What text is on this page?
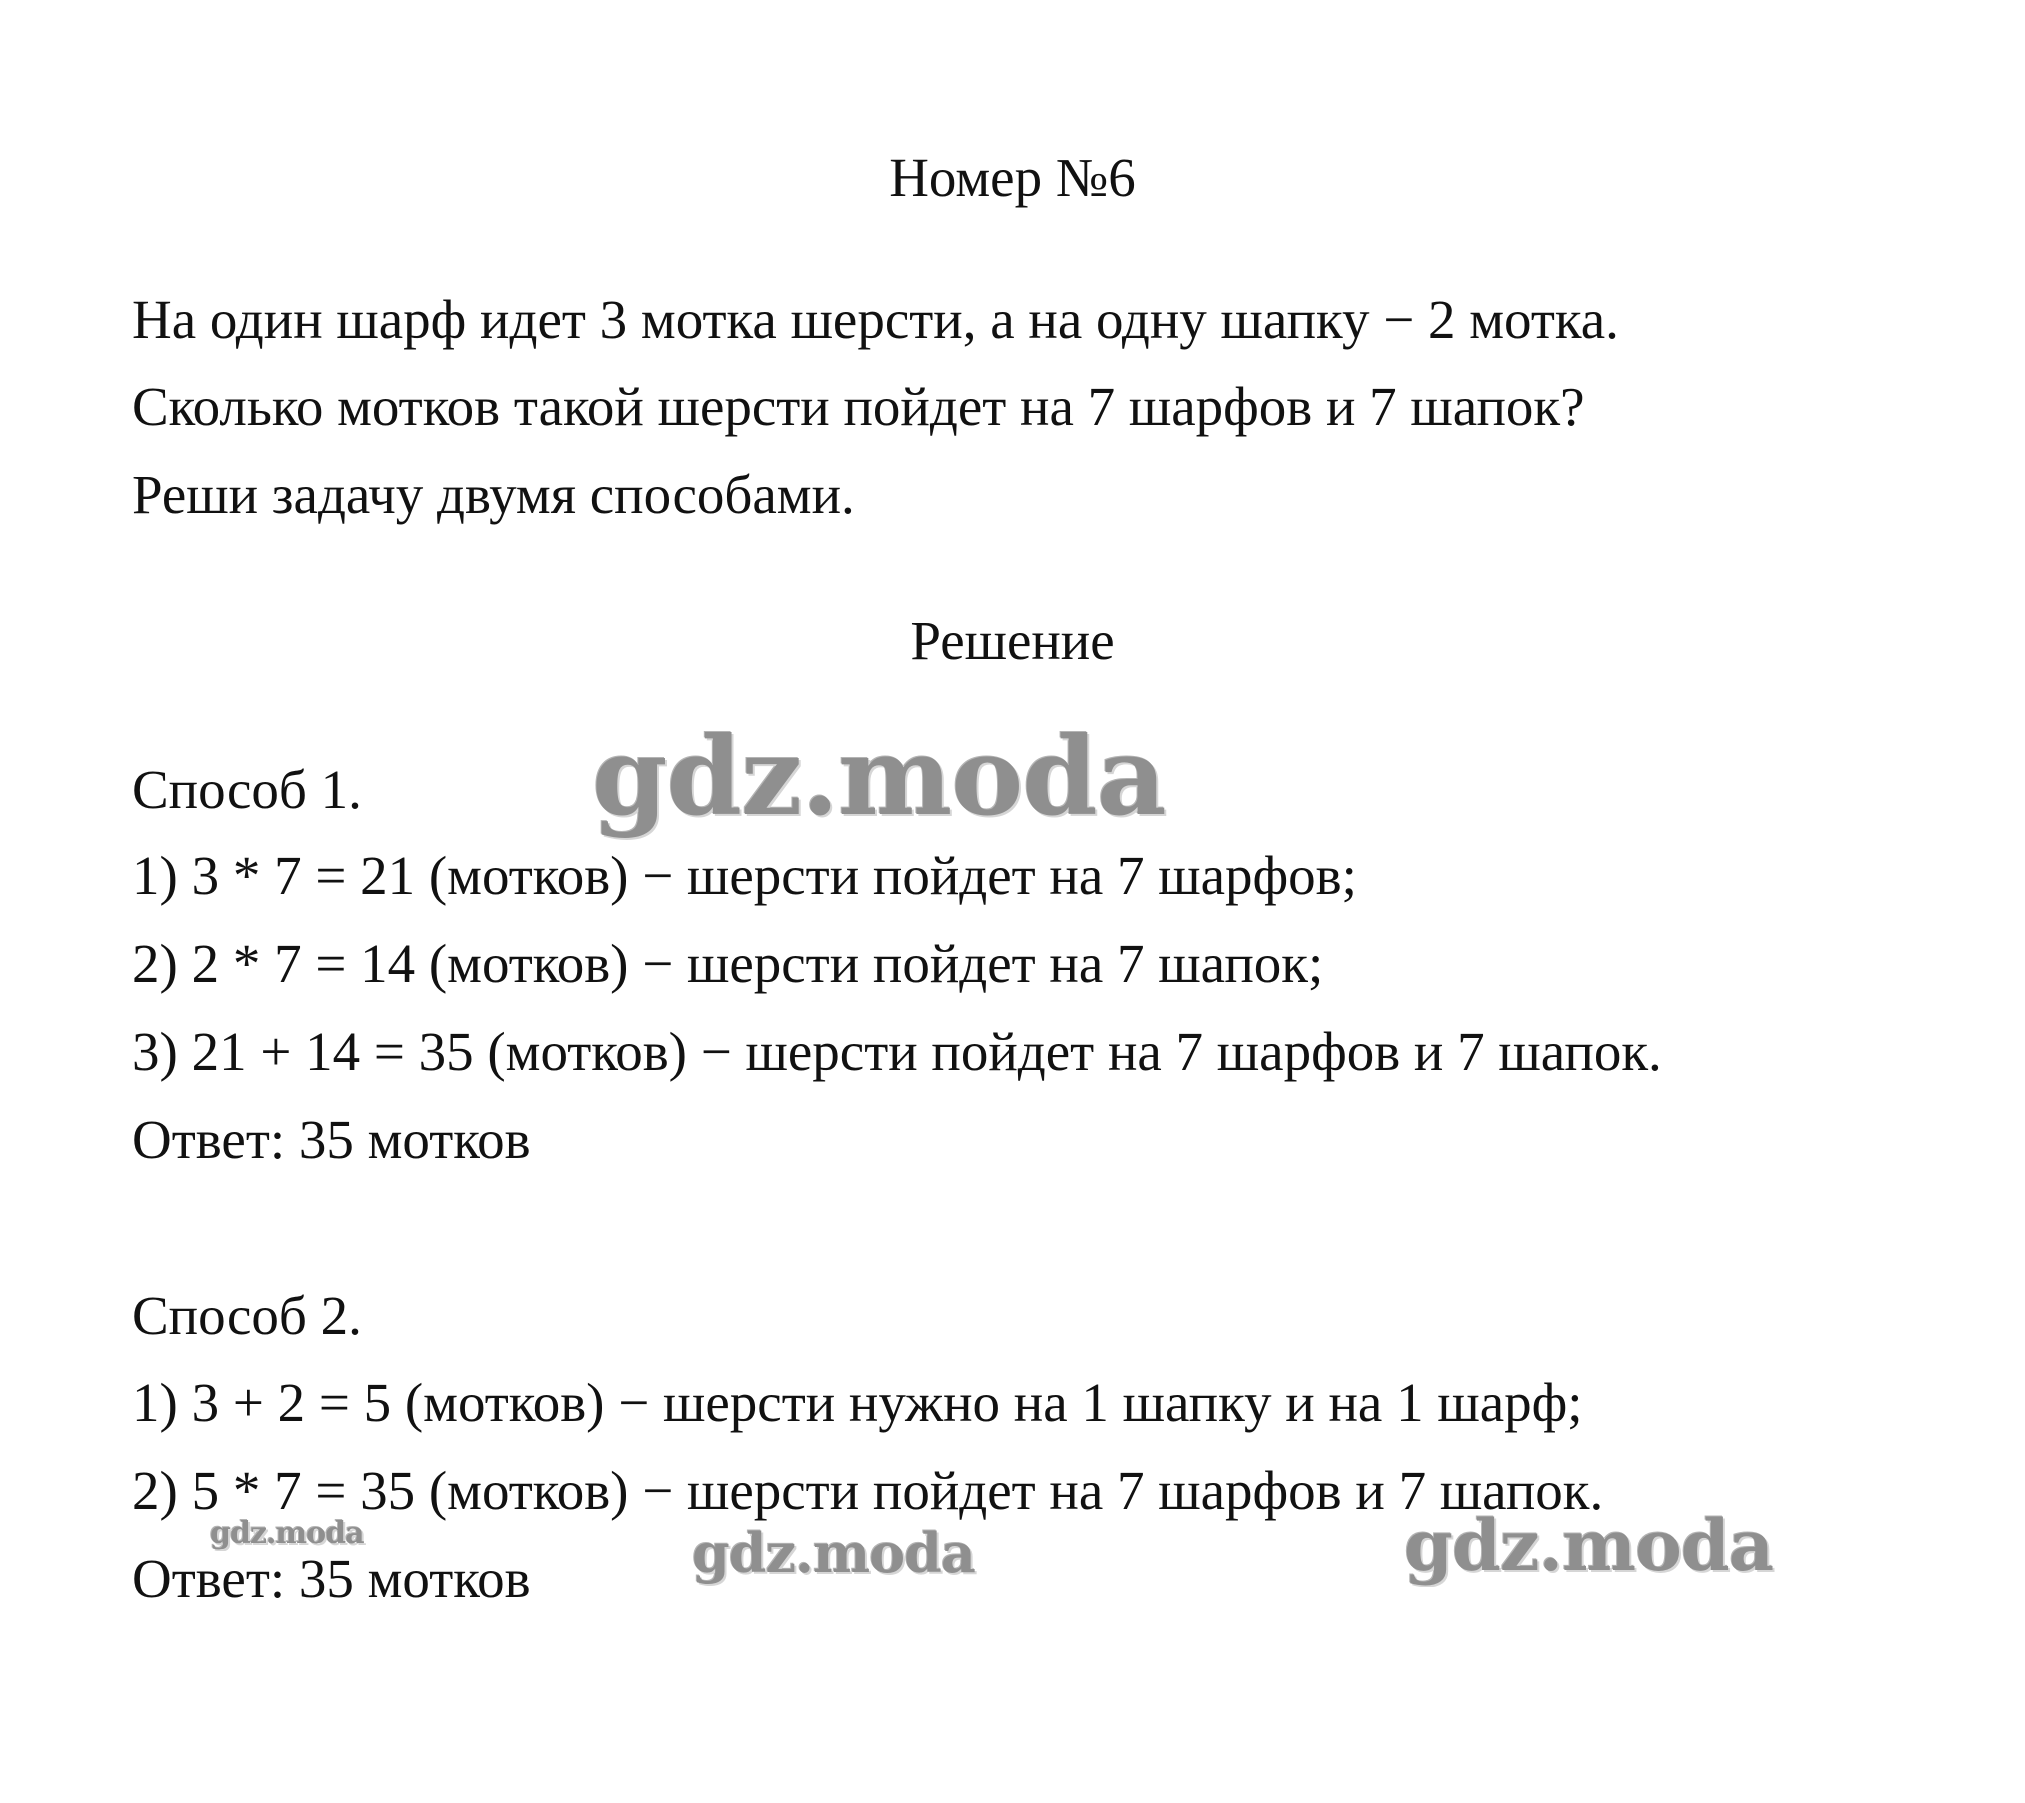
Номер №6
На один шарф идет 3 мотка шерсти, а на одну шапку − 2 мотка.
Сколько мотков такой шерсти пойдет на 7 шарфов и 7 шапок?
Реши задачу двумя способами.
Решение
Способ 1.
1) 3 * 7 = 21 (мотков) − шерсти пойдет на 7 шарфов;
2) 2 * 7 = 14 (мотков) − шерсти пойдет на 7 шапок;
3) 21 + 14 = 35 (мотков) − шерсти пойдет на 7 шарфов и 7 шапок.
Ответ: 35 мотков
Способ 2.
1) 3 + 2 = 5 (мотков) − шерсти нужно на 1 шапку и на 1 шарф;
2) 5 * 7 = 35 (мотков) − шерсти пойдет на 7 шарфов и 7 шапок.
Ответ: 35 мотков
gdz.moda
gdz.moda	gdz.moda
gdz.moda
